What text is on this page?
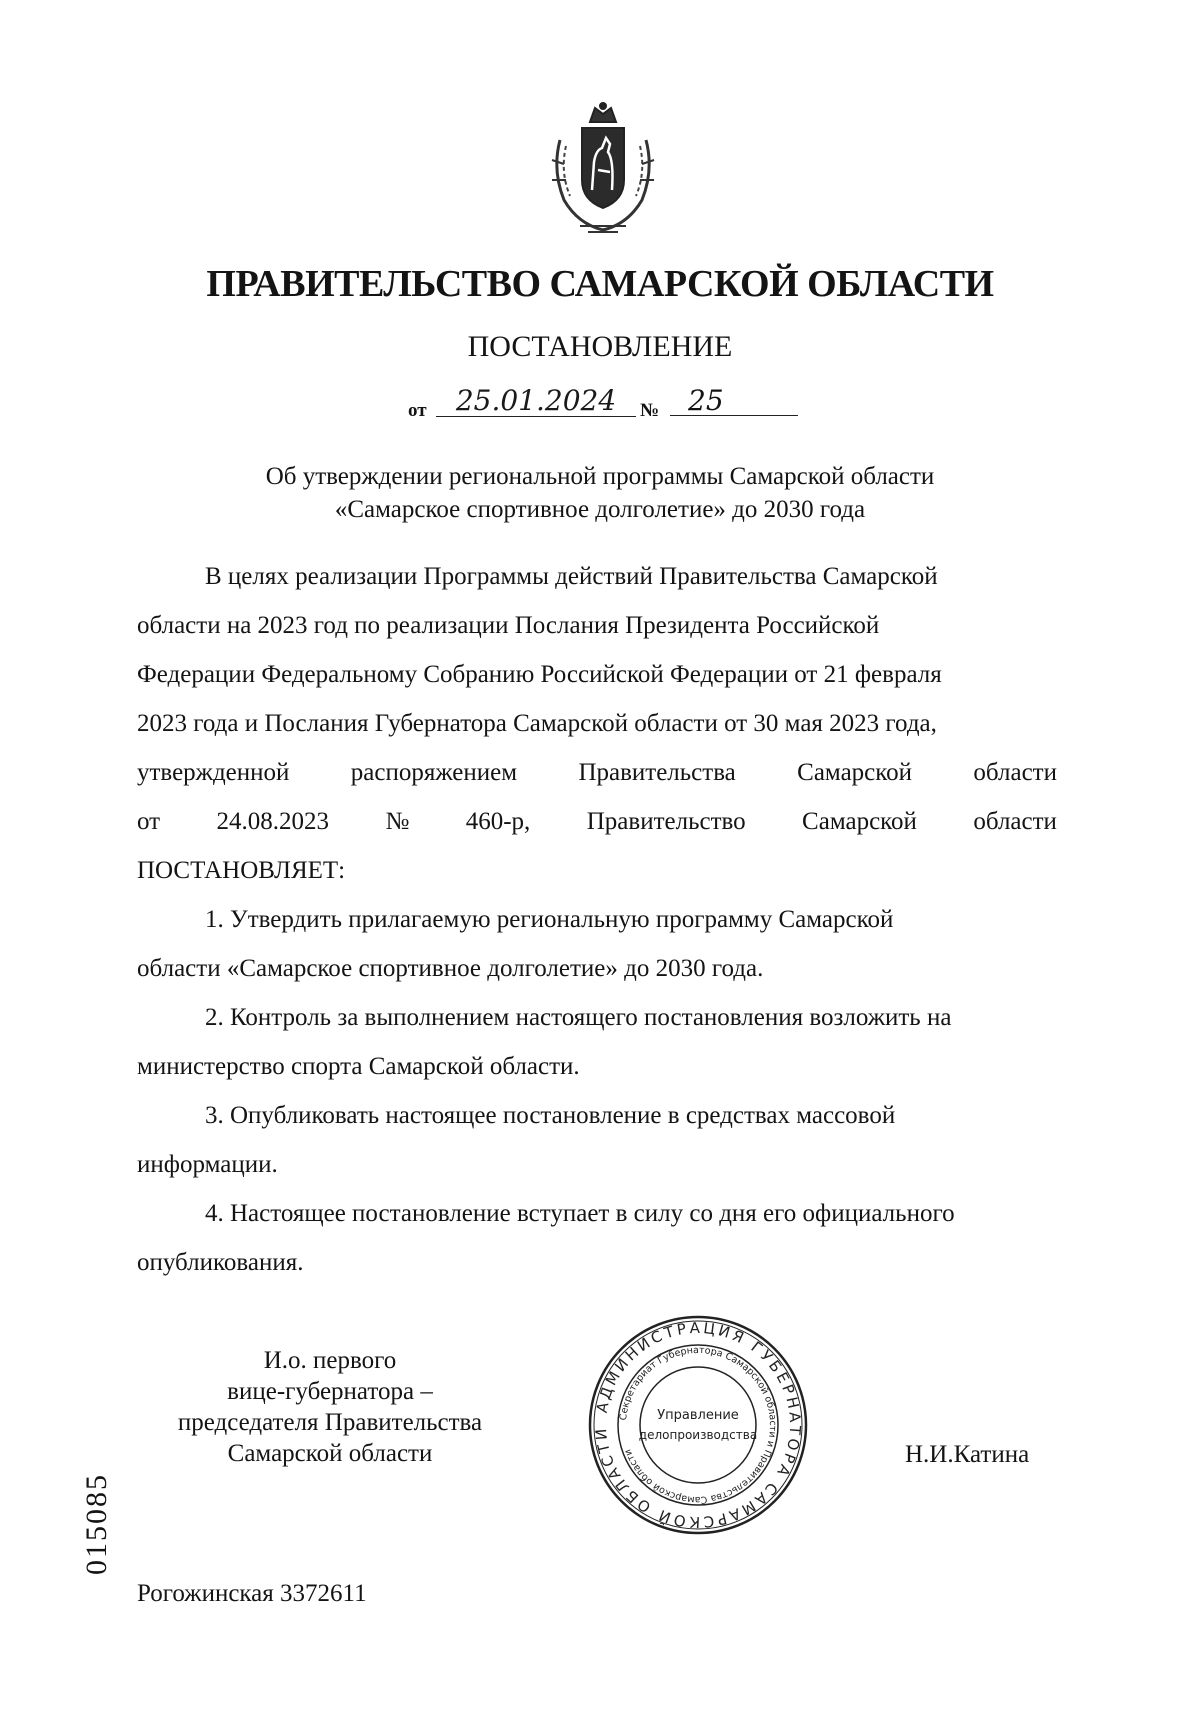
ПРАВИТЕЛЬСТВО САМАРСКОЙ ОБЛАСТИ
ПОСТАНОВЛЕНИЕ
от	25.01.2024	№	25
Об утверждении региональной программы Самарской области
«Самарское спортивное долголетие» до 2030 года
В целях реализации Программы действий Правительства Самарской
области на 2023 год по реализации Послания Президента Российской
Федерации Федеральному Собранию Российской Федерации от 21 февраля
2023 года и Послания Губернатора Самарской области от 30 мая 2023 года,
утвержденной распоряжением Правительства Самарской области
от 24.08.2023 № 460-р, Правительство Самарской области
ПОСТАНОВЛЯЕТ:
1. Утвердить прилагаемую региональную программу Самарской
области «Самарское спортивное долголетие» до 2030 года.
2. Контроль за выполнением настоящего постановления возложить на
министерство спорта Самарской области.
3. Опубликовать настоящее постановление в средствах массовой
информации.
4. Настоящее постановление вступает в силу со дня его официального
опубликования.
И.о. первого
вице-губернатора –
председателя Правительства
Самарской области
АДМИНИСТРАЦИЯ ГУБЕРНАТОРА САМАРСКОЙ ОБЛАСТИ
Секретариат Губернатора Самарской области и Правительства Самарской области
Управление
делопроизводства
Н.И.Катина
015085
Рогожинская 3372611
